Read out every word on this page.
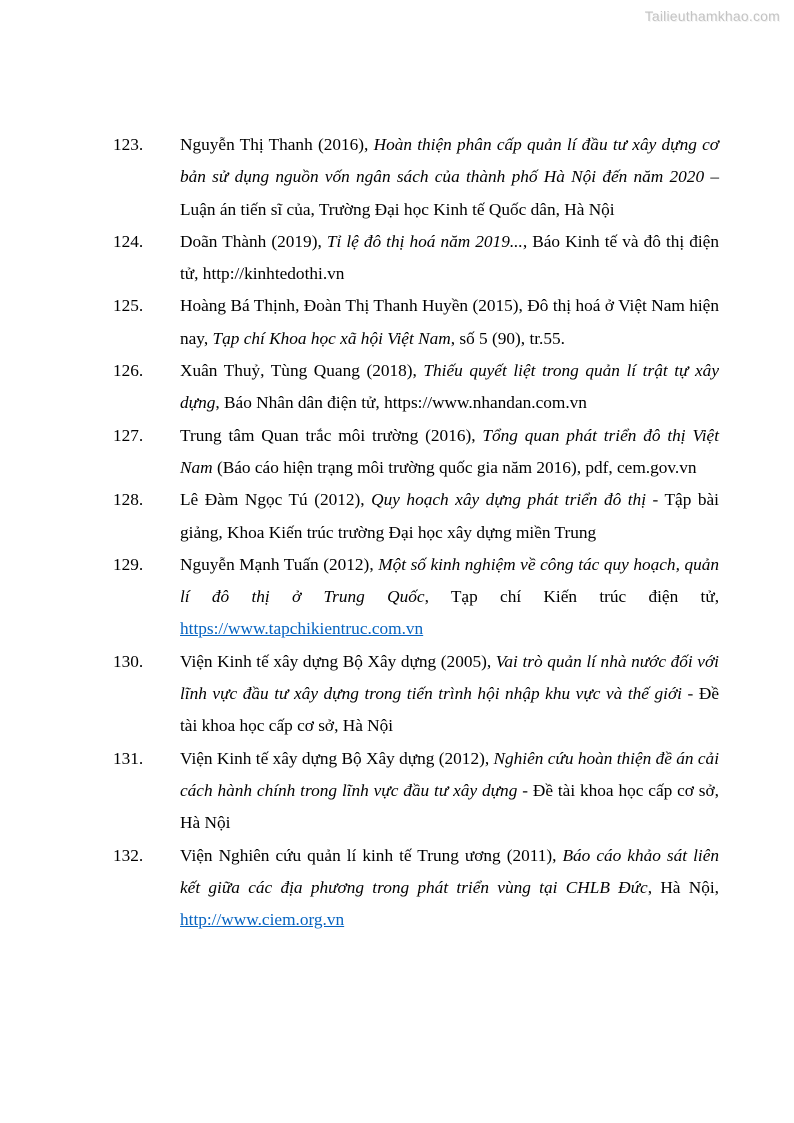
Tailieuthamkhao.com
123. Nguyễn Thị Thanh (2016), Hoàn thiện phân cấp quản lí đầu tư xây dựng cơ bản sử dụng nguồn vốn ngân sách của thành phố Hà Nội đến năm 2020 – Luận án tiến sĩ của, Trường Đại học Kinh tế Quốc dân, Hà Nội
124. Doãn Thành (2019), Tỉ lệ đô thị hoá năm 2019..., Báo Kinh tế và đô thị điện tử, http://kinhtedothi.vn
125. Hoàng Bá Thịnh, Đoàn Thị Thanh Huyền (2015), Đô thị hoá ở Việt Nam hiện nay, Tạp chí Khoa học xã hội Việt Nam, số 5 (90), tr.55.
126. Xuân Thuỷ, Tùng Quang (2018), Thiếu quyết liệt trong quản lí trật tự xây dựng, Báo Nhân dân điện tử, https://www.nhandan.com.vn
127. Trung tâm Quan trắc môi trường (2016), Tổng quan phát triển đô thị Việt Nam (Báo cáo hiện trạng môi trường quốc gia năm 2016), pdf, cem.gov.vn
128. Lê Đàm Ngọc Tú (2012), Quy hoạch xây dựng phát triển đô thị - Tập bài giảng, Khoa Kiến trúc trường Đại học xây dựng miền Trung
129. Nguyễn Mạnh Tuấn (2012), Một số kinh nghiệm về công tác quy hoạch, quản lí đô thị ở Trung Quốc, Tạp chí Kiến trúc điện tử, https://www.tapchikientruc.com.vn
130. Viện Kinh tế xây dựng Bộ Xây dựng (2005), Vai trò quản lí nhà nước đối với lĩnh vực đầu tư xây dựng trong tiến trình hội nhập khu vực và thế giới - Đề tài khoa học cấp cơ sở, Hà Nội
131. Viện Kinh tế xây dựng Bộ Xây dựng (2012), Nghiên cứu hoàn thiện đề án cải cách hành chính trong lĩnh vực đầu tư xây dựng - Đề tài khoa học cấp cơ sở, Hà Nội
132. Viện Nghiên cứu quản lí kinh tế Trung ương (2011), Báo cáo khảo sát liên kết giữa các địa phương trong phát triển vùng tại CHLB Đức, Hà Nội, http://www.ciem.org.vn
